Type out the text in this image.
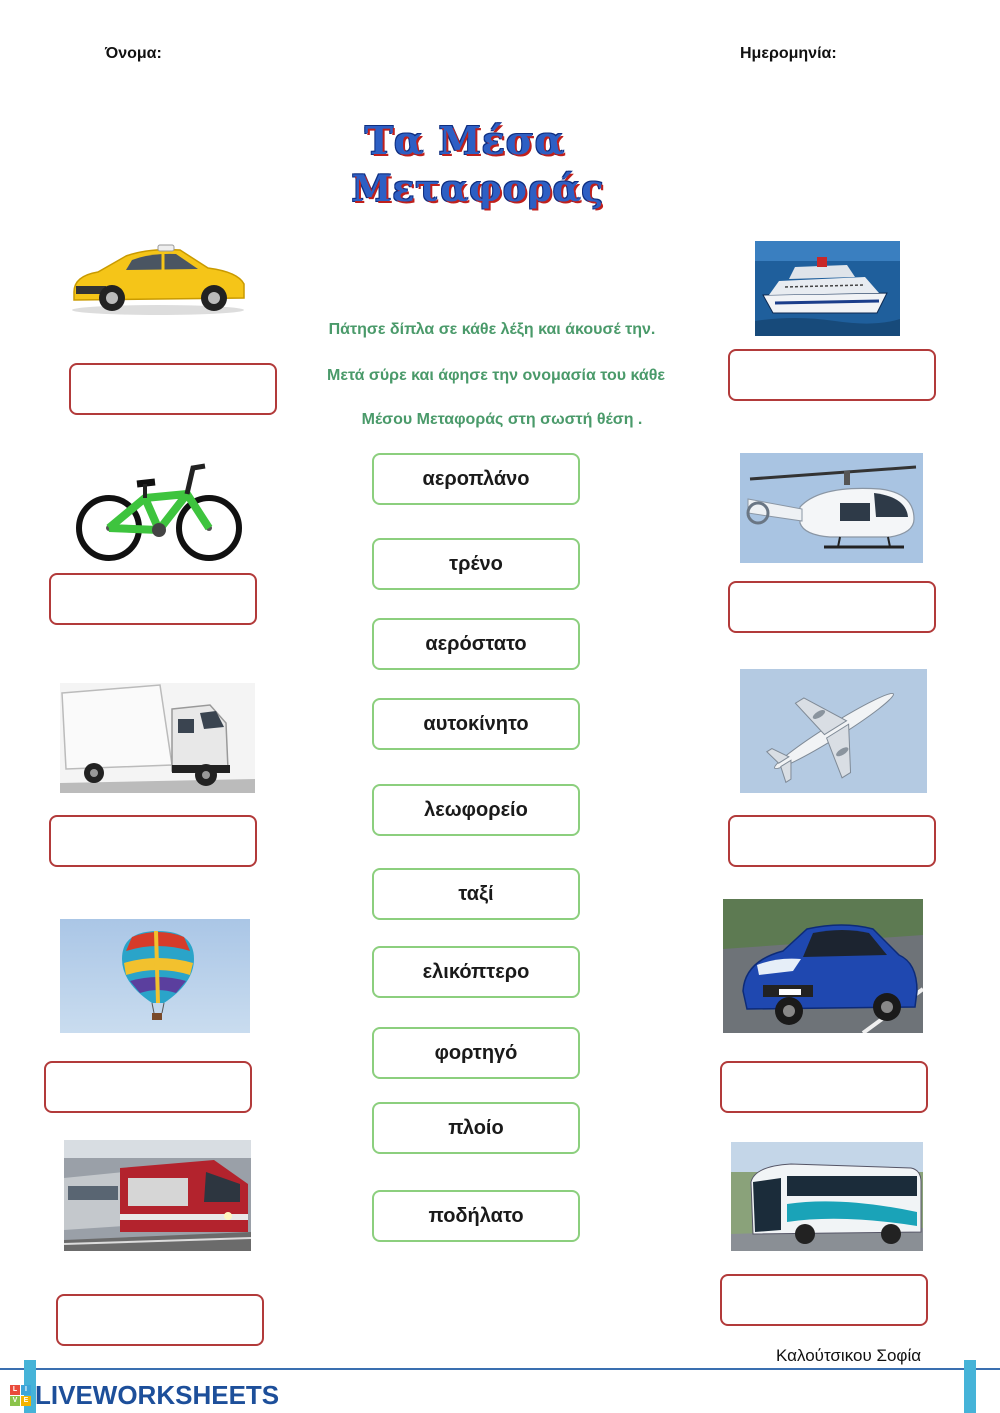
Όνομα:	Ημερομηνία:
Τα Μέσα
Μεταφοράς
Πάτησε δίπλα σε κάθε λέξη και άκουσέ την.
Μετά σύρε και άφησε την ονομασία του κάθε
Μέσου Μεταφοράς στη σωστή θέση .
αεροπλάνο
τρένο
αερόστατο
αυτοκίνητο
λεωφορείο
ταξί
ελικόπτερο
φορτηγό
πλοίο
ποδήλατο
Καλούτσικου Σοφία
L	I
V E LIVEWORKSHEETS
